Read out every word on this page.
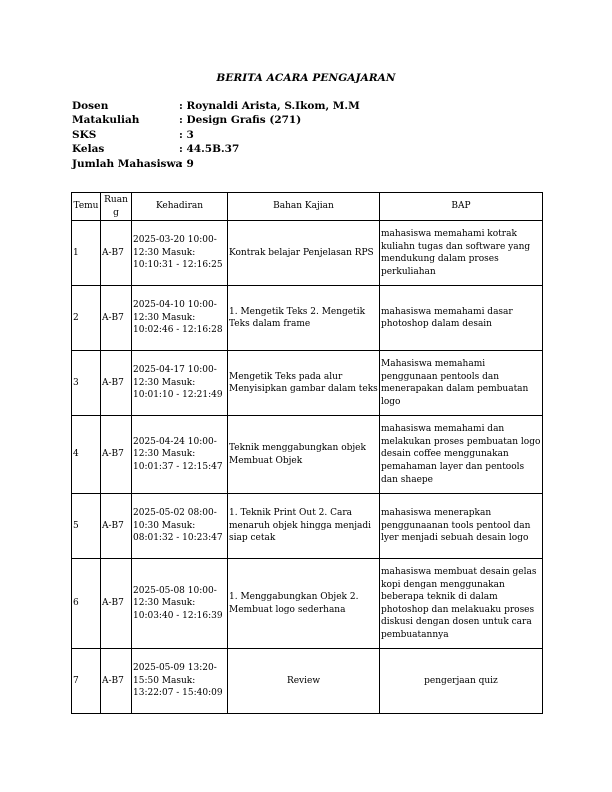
BERITA ACARA PENGAJARAN
Dosen	: Roynaldi Arista, S.Ikom, M.M
Matakuliah	: Design Grafis (271)
SKS	: 3
Kelas	: 44.5B.37
Jumlah Mahasiswa
: 9
Temu	Ruang	Kehadiran	Bahan Kajian	BAP
1	A-B7	2025-03-20 10:00-12:30 Masuk: 10:10:31 - 12:16:25	Kontrak belajar Penjelasan RPS	mahasiswa memahami kotrak kuliahn tugas dan software yang mendukung dalam proses perkuliahan
2	A-B7	2025-04-10 10:00-12:30 Masuk: 10:02:46 - 12:16:28	1. Mengetik Teks 2. Mengetik Teks dalam frame	mahasiswa memahami dasar photoshop dalam desain
3	A-B7	2025-04-17 10:00-12:30 Masuk: 10:01:10 - 12:21:49	Mengetik Teks pada alur Menyisipkan gambar dalam teks	Mahasiswa memahami penggunaan pentools dan menerapakan dalam pembuatan logo
4	A-B7	2025-04-24 10:00-12:30 Masuk: 10:01:37 - 12:15:47	Teknik menggabungkan objek Membuat Objek	mahasiswa memahami dan melakukan proses pembuatan logo desain coffee menggunakan pemahaman layer dan pentools dan shaepe
5	A-B7	2025-05-02 08:00-10:30 Masuk: 08:01:32 - 10:23:47	1. Teknik Print Out 2. Cara menaruh objek hingga menjadi siap cetak	mahasiswa menerapkan penggunaanan tools pentool dan lyer menjadi sebuah desain logo
6	A-B7	2025-05-08 10:00-12:30 Masuk: 10:03:40 - 12:16:39	1. Menggabungkan Objek 2. Membuat logo sederhana	mahasiswa membuat desain gelas kopi dengan menggunakan beberapa teknik di dalam photoshop dan melakuaku proses diskusi dengan dosen untuk cara pembuatannya
7	A-B7	2025-05-09 13:20-15:50 Masuk: 13:22:07 - 15:40:09	Review	pengerjaan quiz
